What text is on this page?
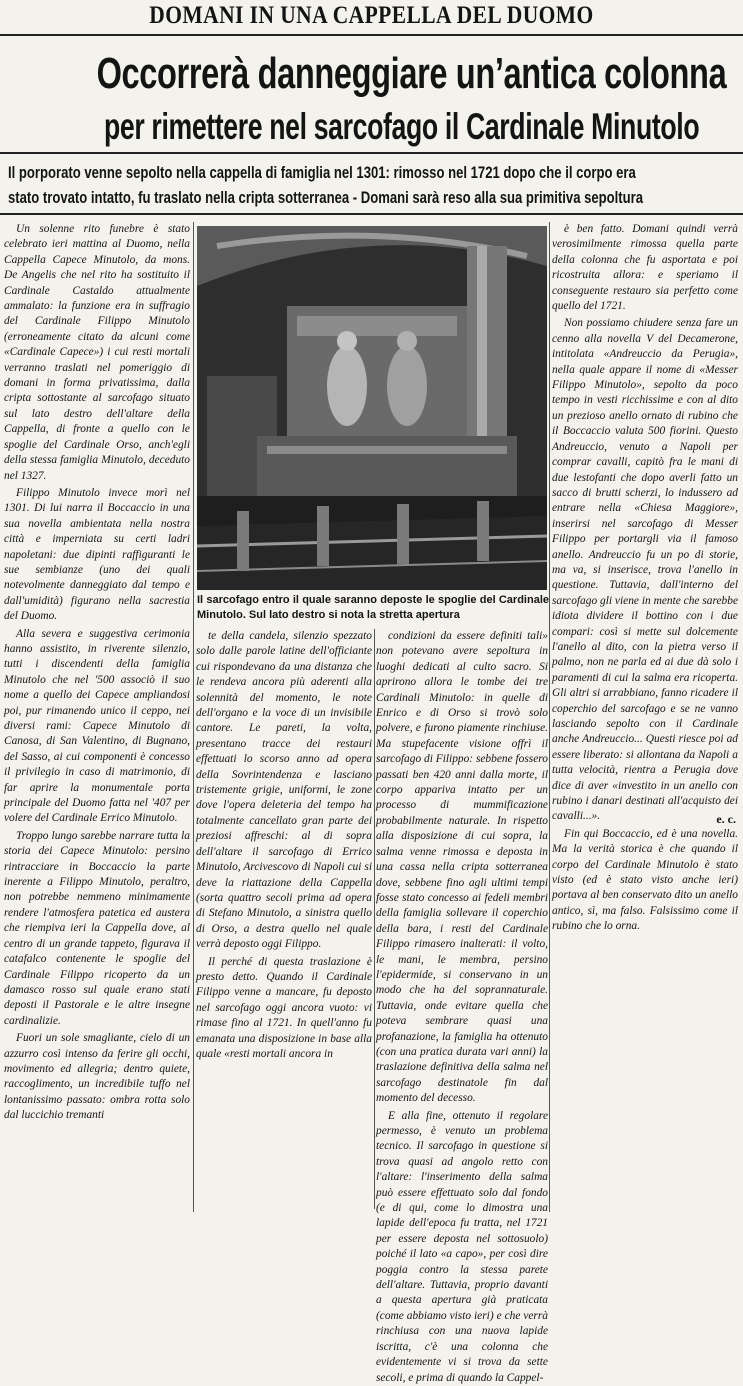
DOMANI IN UNA CAPPELLA DEL DUOMO
Occorrerà danneggiare un’antica colonna
per rimettere nel sarcofago il Cardinale Minutolo
Il porporato venne sepolto nella cappella di famiglia nel 1301: rimosso nel 1721 dopo che il corpo era
stato trovato intatto, fu traslato nella cripta sotterranea - Domani sarà reso alla sua primitiva sepoltura

Un solenne rito funebre è stato celebrato ieri mattina al Duomo, nella Cappella Capece Minutolo, da mons. De Angelis che nel rito ha sostituito il Cardinale Castaldo attualmente ammalato: la funzione era in suffragio del Cardinale Filippo Minutolo (erroneamente citato da alcuni come «Cardinale Capece») i cui resti mortali verranno traslati nel pomeriggio di domani in forma privatissima, dalla cripta sottostante al sarcofago situato sul lato destro dell'altare della Cappella, di fronte a quello con le spoglie del Cardinale Orso, anch'egli della stessa famiglia Minutolo, deceduto nel 1327.

Filippo Minutolo invece morì nel 1301. Di lui narra il Boccaccio in una sua novella ambientata nella nostra città e imperniata su certi ladri napoletani: due dipinti raffiguranti le sue sembianze (uno dei quali notevolmente danneggiato dal tempo e dall'umidità) figurano nella sacrestia del Duomo.

Alla severa e suggestiva cerimonia hanno assistito, in riverente silenzio, tutti i discendenti della famiglia Minutolo che nel '500 associò il suo nome a quello dei Capece ampliandosi poi, pur rimanendo unico il ceppo, nei diversi rami: Capece Minutolo di Canosa, di San Valentino, di Bugnano, del Sasso, ai cui componenti è concesso il privilegio in caso di matrimonio, di far aprire la monumentale porta principale del Duomo fatta nel '407 per volere del Cardinale Errico Minutolo.

Troppo lungo sarebbe narrare tutta la storia dei Capece Minutolo: persino rintracciare in Boccaccio la parte inerente a Filippo Minutolo, peraltro, non potrebbe nemmeno minimamente rendere l'atmosfera patetica ed austera che riempiva ieri la Cappella dove, al centro di un grande tappeto, figurava il catafalco contenente le spoglie del Cardinale Filippo ricoperto da un damasco rosso sul quale erano stati deposti il Pastorale e le altre insegne cardinalizie.

Fuori un sole smagliante, cielo di un azzurro così intenso da ferire gli occhi, movimento ed allegria; dentro quiete, raccoglimento, un incredibile tuffo nel lontanissimo passato: ombra rotta solo dal luccichio tremanti

Il sarcofago entro il quale saranno deposte le spoglie del Cardinale Minutolo. Sul lato destro si nota la stretta apertura

te della candela, silenzio spezzato solo dalle parole latine dell'officiante cui rispondevano da una distanza che le rendeva ancora più aderenti alla solennità del momento, le note dell'organo e la voce di un invisibile cantore. Le pareti, la volta, presentano tracce dei restauri effettuati lo scorso anno ad opera della Sovrintendenza e lasciano tristemente grigie, uniformi, le zone dove l'opera deleteria del tempo ha totalmente cancellato gran parte dei preziosi affreschi: al di sopra dell'altare il sarcofago di Errico Minutolo, Arcivescovo di Napoli cui si deve la riattazione della Cappella (sorta quattro secoli prima ad opera di Stefano Minutolo, a sinistra quello di Orso, a destra quello nel quale verrà deposto oggi Filippo.

Il perché di questa traslazione è presto detto. Quando il Cardinale Filippo venne a mancare, fu deposto nel sarcofago oggi ancora vuoto: vi rimase fino al 1721. In quell'anno fu emanata una disposizione in base alla quale «resti mortali ancora in

condizioni da essere definiti tali» non potevano avere sepoltura in luoghi dedicati al culto sacro. Si aprirono allora le tombe dei tre Cardinali Minutolo: in quelle di Enrico e di Orso si trovò solo polvere, e furono piamente rinchiuse. Ma stupefacente visione offrì il sarcofago di Filippo: sebbene fossero passati ben 420 anni dalla morte, il corpo appariva intatto per un processo di mummificazione probabilmente naturale. In rispetto alla disposizione di cui sopra, la salma venne rimossa e deposta in una cassa nella cripta sotterranea dove, sebbene fino agli ultimi tempi fosse stato concesso ai fedeli membri della famiglia sollevare il coperchio della bara, i resti del Cardinale Filippo rimasero inalterati: il volto, le mani, le membra, persino l'epidermide, si conservano in un modo che ha del soprannaturale. Tuttavia, onde evitare quella che poteva sembrare quasi una profanazione, la famiglia ha ottenuto (con una pratica durata vari anni) la traslazione definitiva della salma nel sarcofago destinatole fin dal momento del decesso.

E alla fine, ottenuto il regolare permesso, è venuto un problema tecnico. Il sarcofago in questione si trova quasi ad angolo retto con l'altare: l'inserimento della salma può essere effettuato solo dal fondo (e di qui, come lo dimostra una lapide dell'epoca fu tratta, nel 1721 per essere deposta nel sottosuolo) poiché il lato «a capo», per così dire poggia contro la stessa parete dell'altare. Tuttavia, proprio davanti a questa apertura già praticata (come abbiamo visto ieri) e che verrà rinchiusa con una nuova lapide iscritta, c'è una colonna che evidentemente vi si trova da sette secoli, e prima di quando la Cappel-

è ben fatto. Domani quindi verrà verosimilmente rimossa quella parte della colonna che fu asportata e poi ricostruita allora: e speriamo il conseguente restauro sia perfetto come quello del 1721.

Non possiamo chiudere senza fare un cenno alla novella V del Decamerone, intitolata «Andreuccio da Perugia», nella quale appare il nome di «Messer Filippo Minutolo», sepolto da poco tempo in vesti ricchissime e con al dito un prezioso anello ornato di rubino che il Boccaccio valuta 500 fiorini. Questo Andreuccio, venuto a Napoli per comprar cavalli, capitò fra le mani di due lestofanti che dopo averli fatto un sacco di brutti scherzi, lo indussero ad entrare nella «Chiesa Maggiore», inserirsi nel sarcofago di Messer Filippo per portargli via il famoso anello. Andreuccio fu un po di storie, ma va, si inserisce, trova l'anello in questione. Tuttavia, dall'interno del sarcofago gli viene in mente che sarebbe idiota dividere il bottino con i due compari: così si mette sul dolcemente l'anello al dito, con la pietra verso il palmo, non ne parla ed ai due dà solo i paramenti di cui la salma era ricoperta. Gli altri si arrabbiano, fanno ricadere il coperchio del sarcofago e se ne vanno lasciando sepolto con il Cardinale anche Andreuccio... Questi riesce poi ad essere liberato: si allontana da Napoli a tutta velocità, rientra a Perugia dove dice di aver «investito in un anello con rubino i danari destinati all'acquisto dei cavalli...».

Fin qui Boccaccio, ed è una novella. Ma la verità storica è che quando il corpo del Cardinale Minutolo è stato visto (ed è stato visto anche ieri) portava al ben conservato dito un anello antico, sì, ma falso. Falsissimo come il rubino che lo orna.

e. c.
